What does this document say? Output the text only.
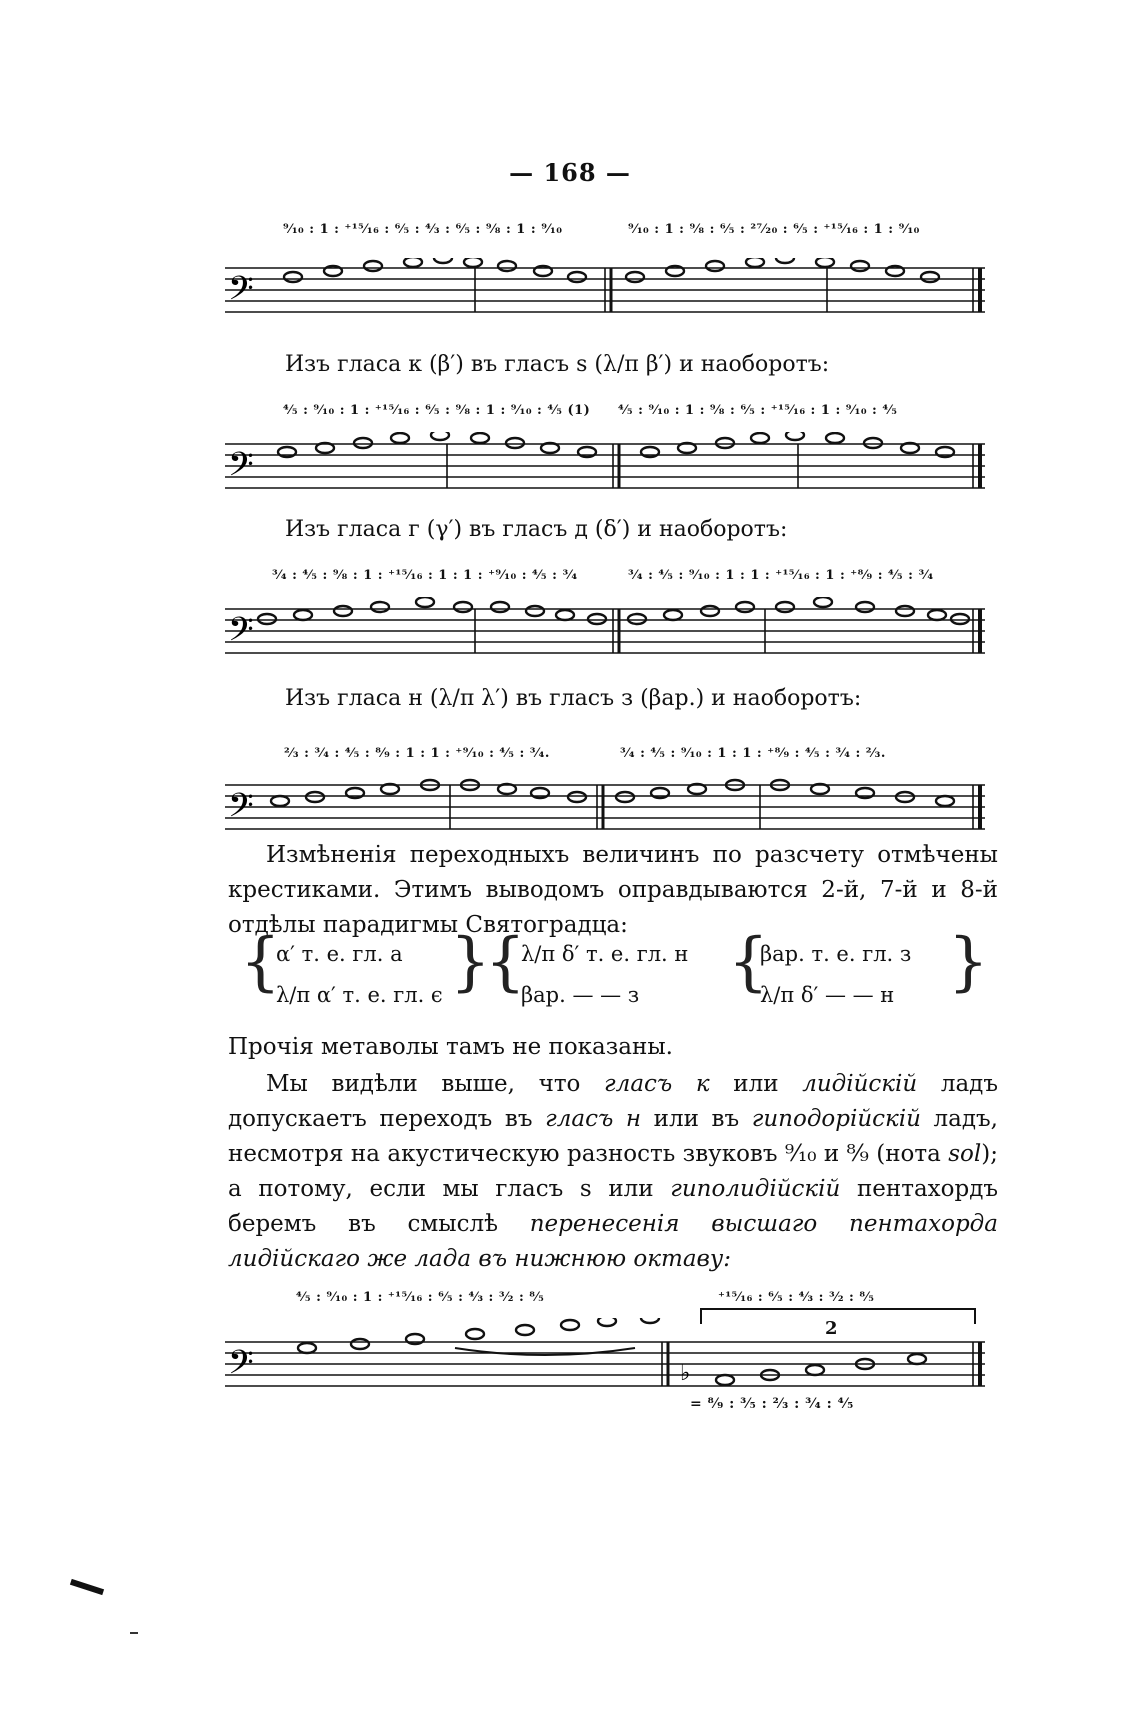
— 168 —
⁹⁄₁₀ : 1 : ⁺¹⁵⁄₁₆ : ⁶⁄₅ : ⁴⁄₃ : ⁶⁄₅ : ⁹⁄₈ : 1 : ⁹⁄₁₀	⁹⁄₁₀ : 1 : ⁹⁄₈ : ⁶⁄₅ : ²⁷⁄₂₀ : ⁶⁄₅ : ⁺¹⁵⁄₁₆ : 1 : ⁹⁄₁₀
𝄢
Изъ гласа к (β′) въ гласъ s (λ/π β′) и наоборотъ:
⁴⁄₅ : ⁹⁄₁₀ : 1 : ⁺¹⁵⁄₁₆ : ⁶⁄₅ : ⁹⁄₈ : 1 : ⁹⁄₁₀ : ⁴⁄₅ (1) ⁴⁄₅ : ⁹⁄₁₀ : 1 : ⁹⁄₈ : ⁶⁄₅ : ⁺¹⁵⁄₁₆ : 1 : ⁹⁄₁₀ : ⁴⁄₅
𝄢
Изъ гласа г (γ′) въ гласъ д (δ′) и наоборотъ:
³⁄₄ : ⁴⁄₅ : ⁹⁄₈ : 1 : ⁺¹⁵⁄₁₆ : 1 : 1 : ⁺⁹⁄₁₀ : ⁴⁄₅ : ³⁄₄	³⁄₄ : ⁴⁄₅ : ⁹⁄₁₀ : 1 : 1 : ⁺¹⁵⁄₁₆ : 1 : ⁺⁸⁄₉ : ⁴⁄₅ : ³⁄₄
𝄢
Изъ гласа н (λ/π λ′) въ гласъ з (βар.) и наоборотъ:
²⁄₃ : ³⁄₄ : ⁴⁄₅ : ⁸⁄₉ : 1 : 1 : ⁺⁹⁄₁₀ : ⁴⁄₅ : ³⁄₄.	³⁄₄ : ⁴⁄₅ : ⁹⁄₁₀ : 1 : 1 : ⁺⁸⁄₉ : ⁴⁄₅ : ³⁄₄ : ²⁄₃.
𝄢
Измѣненія переходныхъ величинъ по разсчету отмѣчены крестиками. Этимъ выводомъ оправдываются 2-й, 7-й и 8-й отдѣлы парадигмы Святоградца:
{
α′ т. е. гл. а
λ/π α′ т. е. гл. є }
{
λ/π δ′ т. е. гл. н
βар. — — з {
βар. т. е. гл. з
λ/π δ′ — — н }
Прочія метаволы тамъ не показаны.
Мы видѣли выше, что гласъ к или лидійскій ладъ допускаетъ переходъ въ гласъ н или въ гиподорійскій ладъ, несмотря на акустическую разность звуковъ ⁹⁄₁₀ и ⁸⁄₉ (нота sol); а потому, если мы гласъ s или гиполидійскій пентахордъ беремъ въ смыслѣ перенесенія высшаго пентахорда лидійскаго же лада въ нижнюю октаву:
⁴⁄₅ : ⁹⁄₁₀ : 1 : ⁺¹⁵⁄₁₆ : ⁶⁄₅ : ⁴⁄₃ : ³⁄₂ : ⁸⁄₅	⁺¹⁵⁄₁₆ : ⁶⁄₅ : ⁴⁄₃ : ³⁄₂ : ⁸⁄₅
2
𝄢	♭
= ⁸⁄₉ : ³⁄₅ : ²⁄₃ : ³⁄₄ : ⁴⁄₅
